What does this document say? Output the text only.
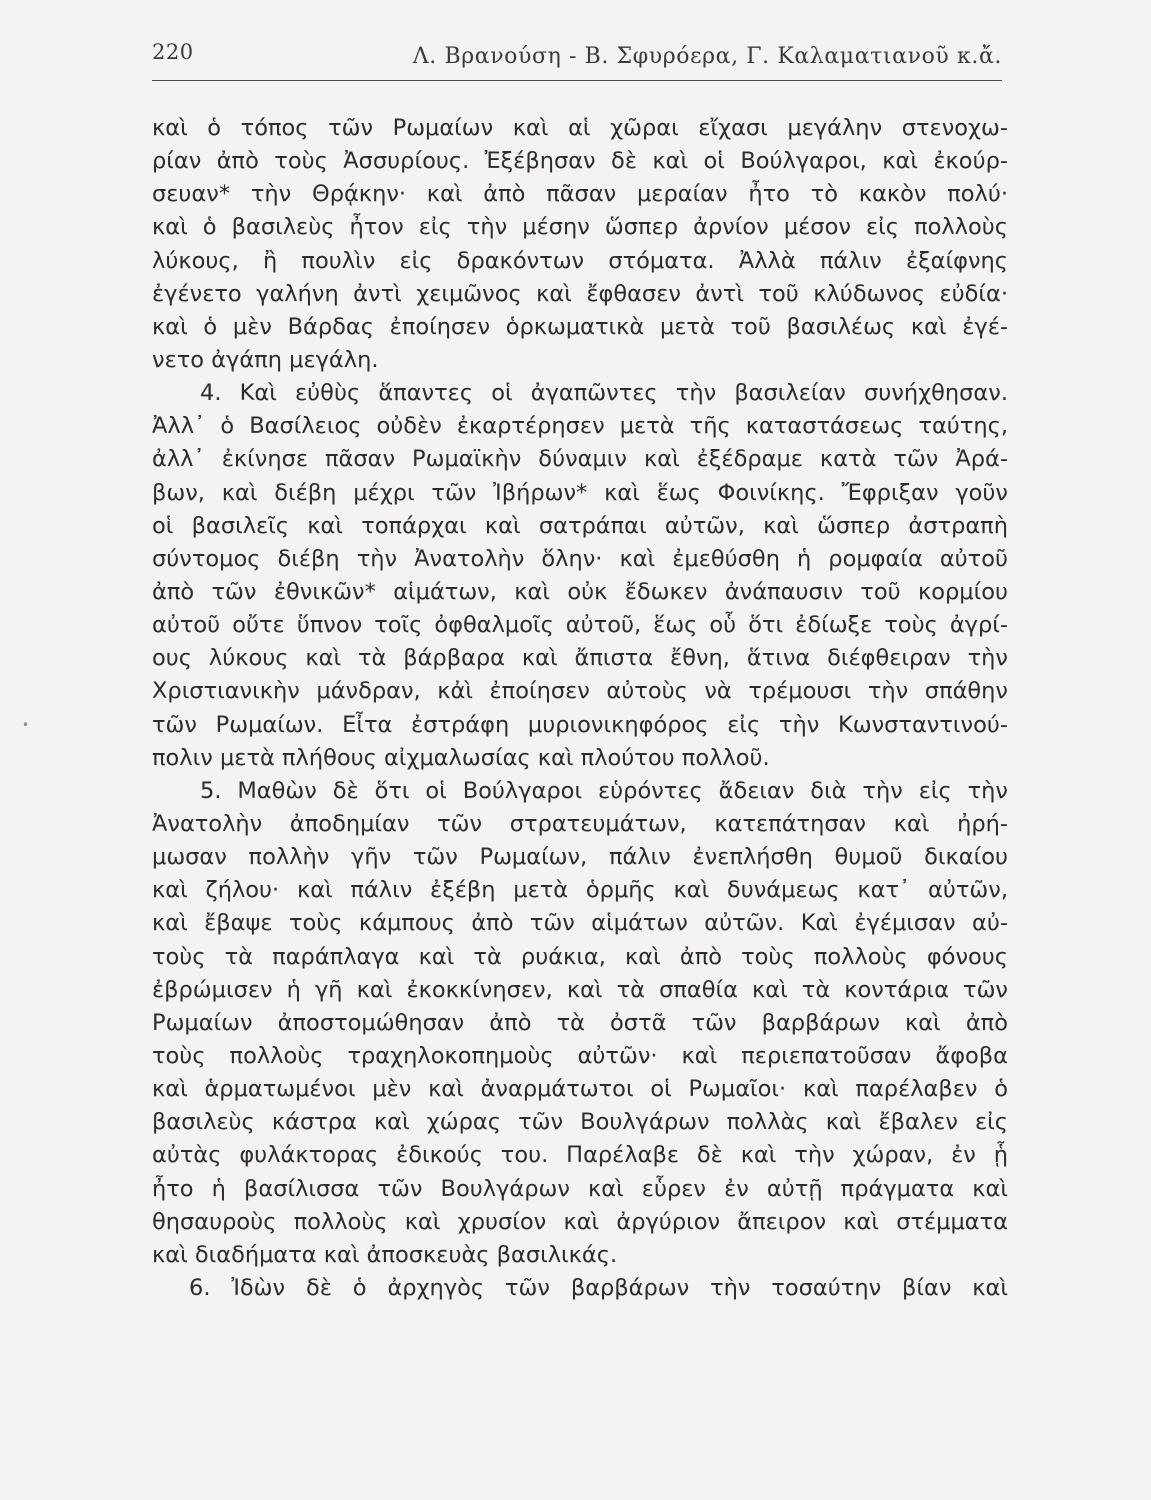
220	Λ. Βρανούση - Β. Σφυρόερα, Γ. Καλαματιανοῦ κ.ἄ.
•
καὶ ὁ τόπος τῶν Ρωμαίων καὶ αἱ χῶραι εἴχασι μεγάλην στενοχω-
ρίαν ἀπὸ τοὺς Ἀσσυρίους. Ἐξέβησαν δὲ καὶ οἱ Βούλγαροι, καὶ ἐκούρ-
σευαν* τὴν Θρᾴκην· καὶ ἀπὸ πᾶσαν μεραίαν ἦτο τὸ κακὸν πολύ·
καὶ ὁ βασιλεὺς ἦτον εἰς τὴν μέσην ὥσπερ ἀρνίον μέσον εἰς πολλοὺς
λύκους, ἢ πουλὶν εἰς δρακόντων στόματα. Ἀλλὰ πάλιν ἐξαίφνης
ἐγένετο γαλήνη ἀντὶ χειμῶνος καὶ ἔφθασεν ἀντὶ τοῦ κλύδωνος εὐδία·
καὶ ὁ μὲν Βάρδας ἐποίησεν ὁρκωματικὰ μετὰ τοῦ βασιλέως καὶ ἐγέ-
νετο ἀγάπη μεγάλη.
4. Καὶ εὐθὺς ἅπαντες οἱ ἀγαπῶντες τὴν βασιλείαν συνήχθησαν.
Ἀλλ᾽ ὁ Βασίλειος οὐδὲν ἐκαρτέρησεν μετὰ τῆς καταστάσεως ταύτης,
ἀλλ᾽ ἐκίνησε πᾶσαν Ρωμαϊκὴν δύναμιν καὶ ἐξέδραμε κατὰ τῶν Ἀρά-
βων, καὶ διέβη μέχρι τῶν Ἰβήρων* καὶ ἕως Φοινίκης. Ἔφριξαν γοῦν
οἱ βασιλεῖς καὶ τοπάρχαι καὶ σατράπαι αὐτῶν, καὶ ὥσπερ ἀστραπὴ
σύντομος διέβη τὴν Ἀνατολὴν ὅλην· καὶ ἐμεθύσθη ἡ ρομφαία αὐτοῦ
ἀπὸ τῶν ἐθνικῶν* αἱμάτων, καὶ οὐκ ἔδωκεν ἀνάπαυσιν τοῦ κορμίου
αὐτοῦ οὔτε ὕπνον τοῖς ὀφθαλμοῖς αὐτοῦ, ἕως οὗ ὅτι ἐδίωξε τοὺς ἀγρί-
ους λύκους καὶ τὰ βάρβαρα καὶ ἄπιστα ἔθνη, ἅτινα διέφθειραν τὴν
Χριστιανικὴν μάνδραν, κἀὶ ἐποίησεν αὐτοὺς νὰ τρέμουσι τὴν σπάθην
τῶν Ρωμαίων. Εἶτα ἐστράφη μυριονικηφόρος εἰς τὴν Κωνσταντινού-
πολιν μετὰ πλήθους αἰχμαλωσίας καὶ πλούτου πολλοῦ.
5. Μαθὼν δὲ ὅτι οἱ Βούλγαροι εὑρόντες ἄδειαν διὰ τὴν εἰς τὴν
Ἀνατολὴν ἀποδημίαν τῶν στρατευμάτων, κατεπάτησαν καὶ ἠρή-
μωσαν πολλὴν γῆν τῶν Ρωμαίων, πάλιν ἐνεπλήσθη θυμοῦ δικαίου
καὶ ζήλου· καὶ πάλιν ἐξέβη μετὰ ὁρμῆς καὶ δυνάμεως κατ᾽ αὐτῶν,
καὶ ἔβαψε τοὺς κάμπους ἀπὸ τῶν αἱμάτων αὐτῶν. Καὶ ἐγέμισαν αὐ-
τοὺς τὰ παράπλαγα καὶ τὰ ρυάκια, καὶ ἀπὸ τοὺς πολλοὺς φόνους
ἐβρώμισεν ἡ γῆ καὶ ἐκοκκίνησεν, καὶ τὰ σπαθία καὶ τὰ κοντάρια τῶν
Ρωμαίων ἀποστομώθησαν ἀπὸ τὰ ὀστᾶ τῶν βαρβάρων καὶ ἀπὸ
τοὺς πολλοὺς τραχηλοκοπημοὺς αὐτῶν· καὶ περιεπατοῦσαν ἄφοβα
καὶ ἁρματωμένοι μὲν καὶ ἀναρμάτωτοι οἱ Ρωμαῖοι· καὶ παρέλαβεν ὁ
βασιλεὺς κάστρα καὶ χώρας τῶν Βουλγάρων πολλὰς καὶ ἔβαλεν εἰς
αὐτὰς φυλάκτορας ἐδικούς του. Παρέλαβε δὲ καὶ τὴν χώραν, ἐν ᾗ
ἦτο ἡ βασίλισσα τῶν Βουλγάρων καὶ εὗρεν ἐν αὐτῇ πράγματα καὶ
θησαυροὺς πολλοὺς καὶ χρυσίον καὶ ἀργύριον ἄπειρον καὶ στέμματα
καὶ διαδήματα καὶ ἀποσκευὰς βασιλικάς.
6. Ἰδὼν δὲ ὁ ἀρχηγὸς τῶν βαρβάρων τὴν τοσαύτην βίαν καὶ
